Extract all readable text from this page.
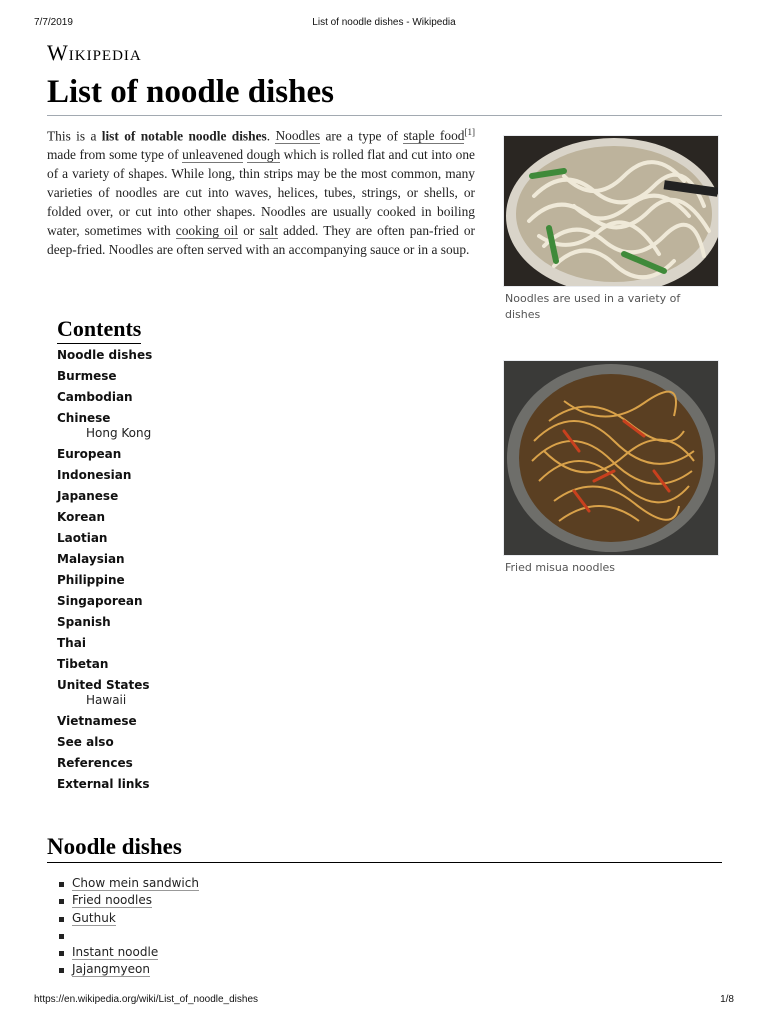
7/7/2019	List of noodle dishes - Wikipedia
Wikipedia
List of noodle dishes

This is a list of notable noodle dishes. Noodles are a type of staple food[1] made from some type of unleavened dough which is rolled flat and cut into one of a variety of shapes. While long, thin strips may be the most common, many varieties of noodles are cut into waves, helices, tubes, strings, or shells, or folded over, or cut into other shapes. Noodles are usually cooked in boiling water, sometimes with cooking oil or salt added. They are often pan-fried or deep-fried. Noodles are often served with an accompanying sauce or in a soup.

Noodles are used in a variety of dishes
Fried misua noodles
Contents
Noodle dishes
Burmese
Cambodian
Chinese
Hong Kong
European
Indonesian
Japanese
Korean
Laotian
Malaysian
Philippine
Singaporean
Spanish
Thai
Tibetan
United States
Hawaii
Vietnamese
See also
References
External links
Noodle dishes
Chow mein sandwich
Fried noodles
Guthuk
Instant noodle
Jajangmyeon
https://en.wikipedia.org/wiki/List_of_noodle_dishes	1/8
